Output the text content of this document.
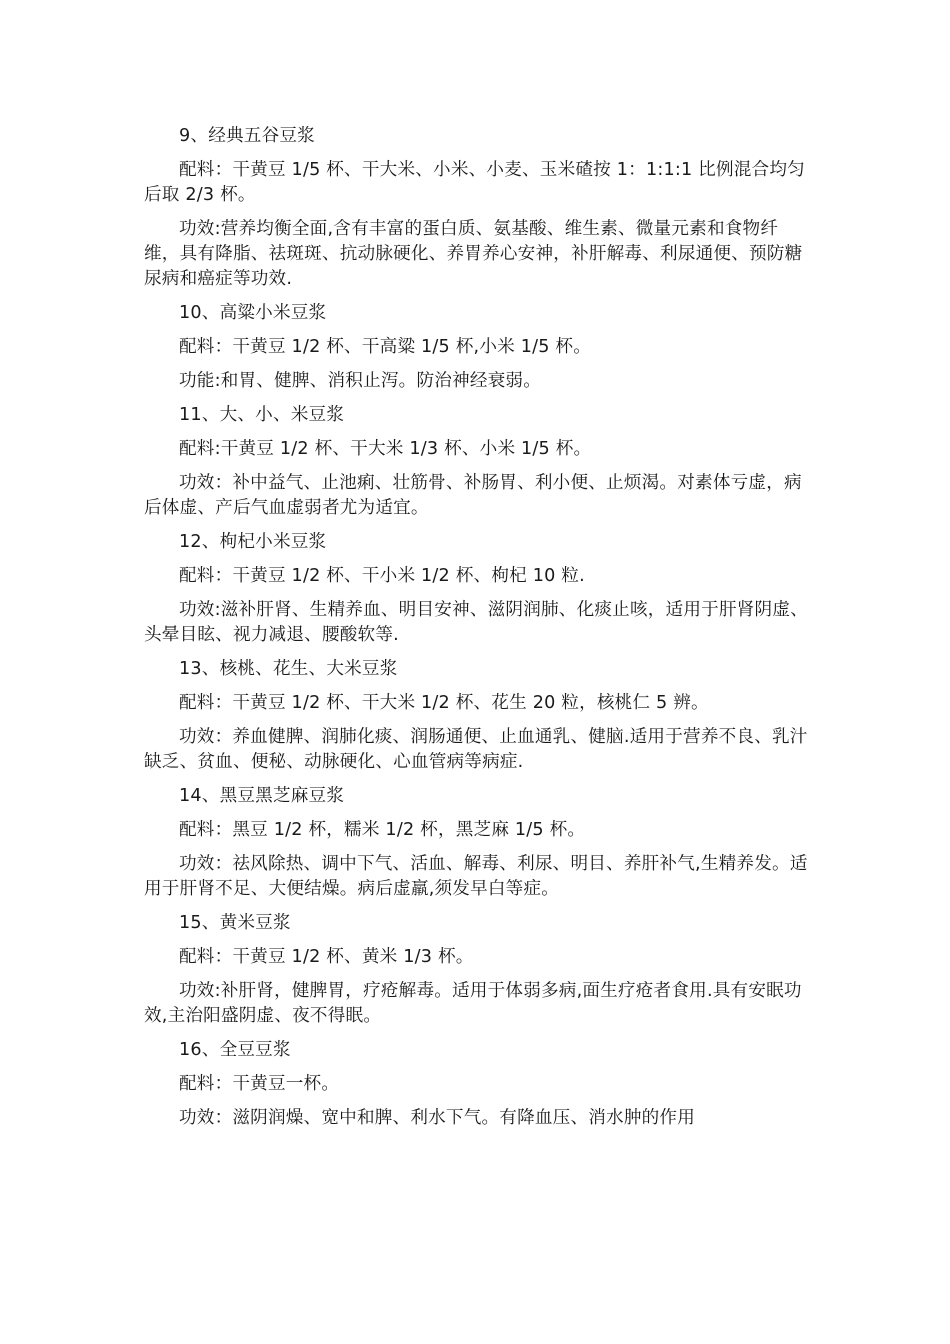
9、经典五谷豆浆

配料：干黄豆 1/5 杯、干大米、小米、小麦、玉米碴按 1：1:1:1 比例混合均匀后取 2/3 杯。

功效:营养均衡全面,含有丰富的蛋白质、氨基酸、维生素、微量元素和食物纤维，具有降脂、祛斑斑、抗动脉硬化、养胃养心安神，补肝解毒、利尿通便、预防糖尿病和癌症等功效.

10、高粱小米豆浆

配料：干黄豆 1/2 杯、干高粱 1/5 杯,小米 1/5 杯。

功能:和胃、健脾、消积止泻。防治神经衰弱。

11、大、小、米豆浆

配料:干黄豆 1/2 杯、干大米 1/3 杯、小米 1/5 杯。

功效：补中益气、止池痢、壮筋骨、补肠胃、利小便、止烦渴。对素体亏虚，病后体虚、产后气血虚弱者尤为适宜。

12、枸杞小米豆浆

配料：干黄豆 1/2 杯、干小米 1/2 杯、枸杞 10 粒.

功效:滋补肝肾、生精养血、明目安神、滋阴润肺、化痰止咳，适用于肝肾阴虚、头晕目眩、视力减退、腰酸软等.

13、核桃、花生、大米豆浆

配料：干黄豆 1/2 杯、干大米 1/2 杯、花生 20 粒，核桃仁 5 辨。

功效：养血健脾、润肺化痰、润肠通便、止血通乳、健脑.适用于营养不良、乳汁缺乏、贫血、便秘、动脉硬化、心血管病等病症.

14、黑豆黑芝麻豆浆

配料：黑豆 1/2 杯，糯米 1/2 杯，黑芝麻 1/5 杯。

功效：祛风除热、调中下气、活血、解毒、利尿、明目、养肝补气,生精养发。适用于肝肾不足、大便结燥。病后虚羸,须发早白等症。

15、黄米豆浆

配料：干黄豆 1/2 杯、黄米 1/3 杯。

功效:补肝肾，健脾胃，疗疮解毒。适用于体弱多病,面生疗疮者食用.具有安眠功效,主治阳盛阴虚、夜不得眠。

16、全豆豆浆

配料：干黄豆一杯。

功效：滋阴润燥、宽中和脾、利水下气。有降血压、消水肿的作用
